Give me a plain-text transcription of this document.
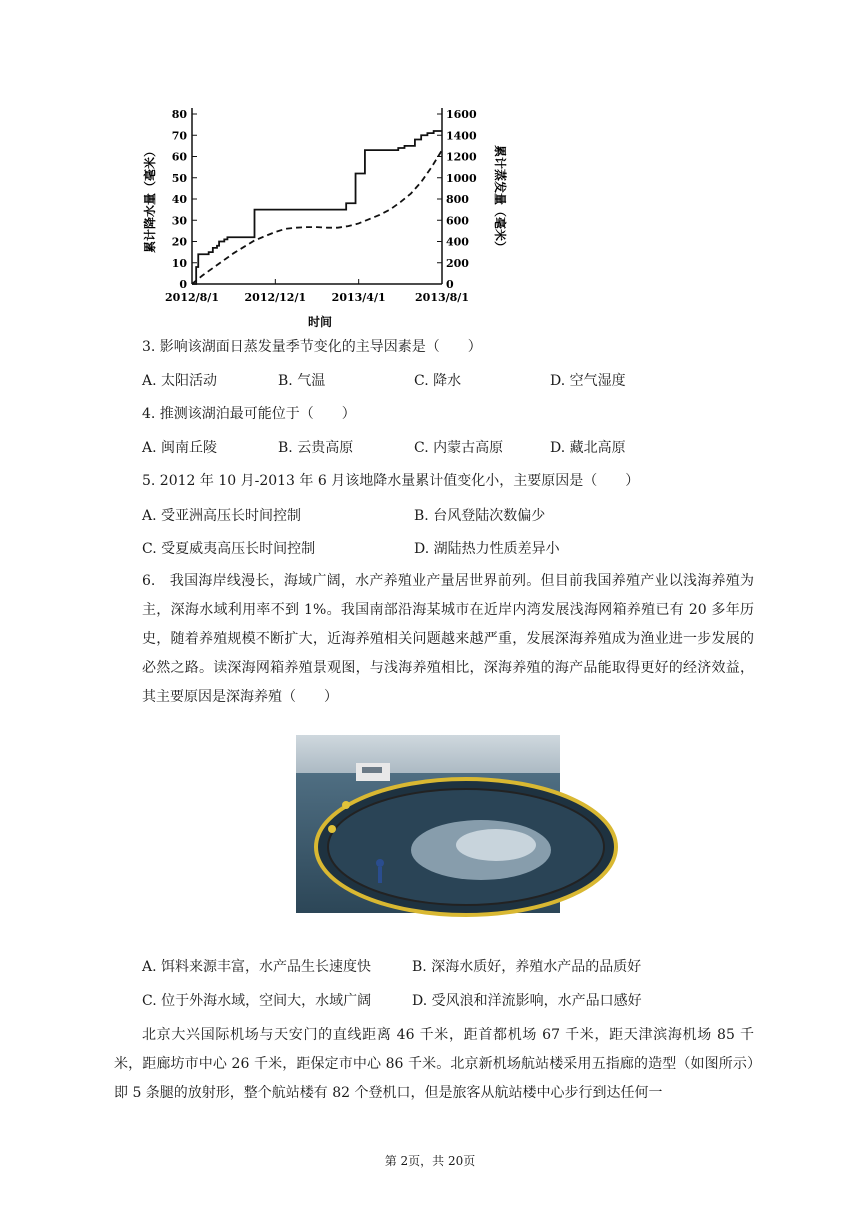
0
10
20
30
40
50
60
70
80
0
200
400
600
800
1000
1200
1400
1600
2012/8/1 2012/12/1 2013/4/1	2013/8/1
累计降水量（毫米）	累计蒸发量（毫米）
时间
3. 影响该湖面日蒸发量季节变化的主导因素是（　　）
A. 太阳活动	B. 气温	C. 降水	D. 空气湿度
4. 推测该湖泊最可能位于（　　）
A. 闽南丘陵	B. 云贵高原	C. 内蒙古高原	D. 藏北高原
5. 2012 年 10 月-2013 年 6 月该地降水量累计值变化小，主要原因是（　　）
A. 受亚洲高压长时间控制	B. 台风登陆次数偏少
C. 受夏威夷高压长时间控制	D. 湖陆热力性质差异小
6.　我国海岸线漫长，海域广阔，水产养殖业产量居世界前列。但目前我国养殖产业以浅海养殖为主，深海水域利用率不到 1%。我国南部沿海某城市在近岸内湾发展浅海网箱养殖已有 20 多年历史，随着养殖规模不断扩大，近海养殖相关问题越来越严重，发展深海养殖成为渔业进一步发展的必然之路。读深海网箱养殖景观图，与浅海养殖相比，深海养殖的海产品能取得更好的经济效益，其主要原因是深海养殖（　　）
A. 饵料来源丰富，水产品生长速度快	B. 深海水质好，养殖水产品的品质好
C. 位于外海水域，空间大，水域广阔	D. 受风浪和洋流影响，水产品口感好
北京大兴国际机场与天安门的直线距离 46 千米，距首都机场 67 千米，距天津滨海机场 85 千米，距廊坊市中心 26 千米，距保定市中心 86 千米。北京新机场航站楼采用五指廊的造型（如图所示）即 5 条腿的放射形，整个航站楼有 82 个登机口，但是旅客从航站楼中心步行到达任何一
第 2页，共 20页
